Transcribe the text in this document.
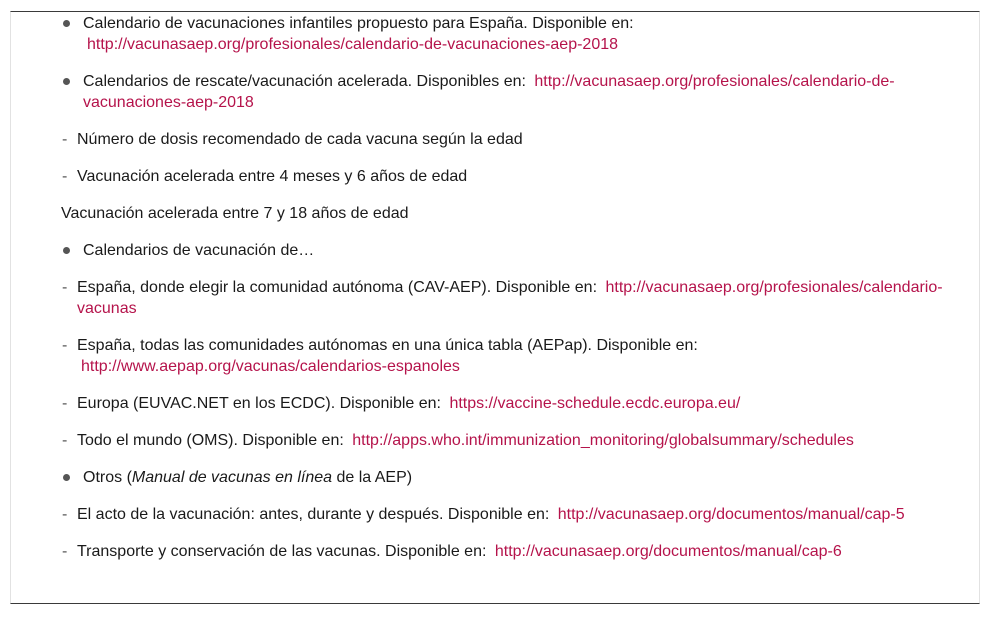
Calendario de vacunaciones infantiles propuesto para España. Disponible en:
http://vacunasaep.org/profesionales/calendario-de-vacunaciones-aep-2018
Calendarios de rescate/vacunación acelerada. Disponibles en: http://vacunasaep.org/profesionales/calendario-de-vacunaciones-aep-2018
- Número de dosis recomendado de cada vacuna según la edad
- Vacunación acelerada entre 4 meses y 6 años de edad
Vacunación acelerada entre 7 y 18 años de edad
Calendarios de vacunación de…
- España, donde elegir la comunidad autónoma (CAV-AEP). Disponible en: http://vacunasaep.org/profesionales/calendario-vacunas
- España, todas las comunidades autónomas en una única tabla (AEPap). Disponible en:
http://www.aepap.org/vacunas/calendarios-espanoles
- Europa (EUVAC.NET en los ECDC). Disponible en: https://vaccine-schedule.ecdc.europa.eu/
- Todo el mundo (OMS). Disponible en: http://apps.who.int/immunization_monitoring/globalsummary/schedules
Otros (Manual de vacunas en línea de la AEP)
- El acto de la vacunación: antes, durante y después. Disponible en: http://vacunasaep.org/documentos/manual/cap-5
- Transporte y conservación de las vacunas. Disponible en: http://vacunasaep.org/documentos/manual/cap-6
